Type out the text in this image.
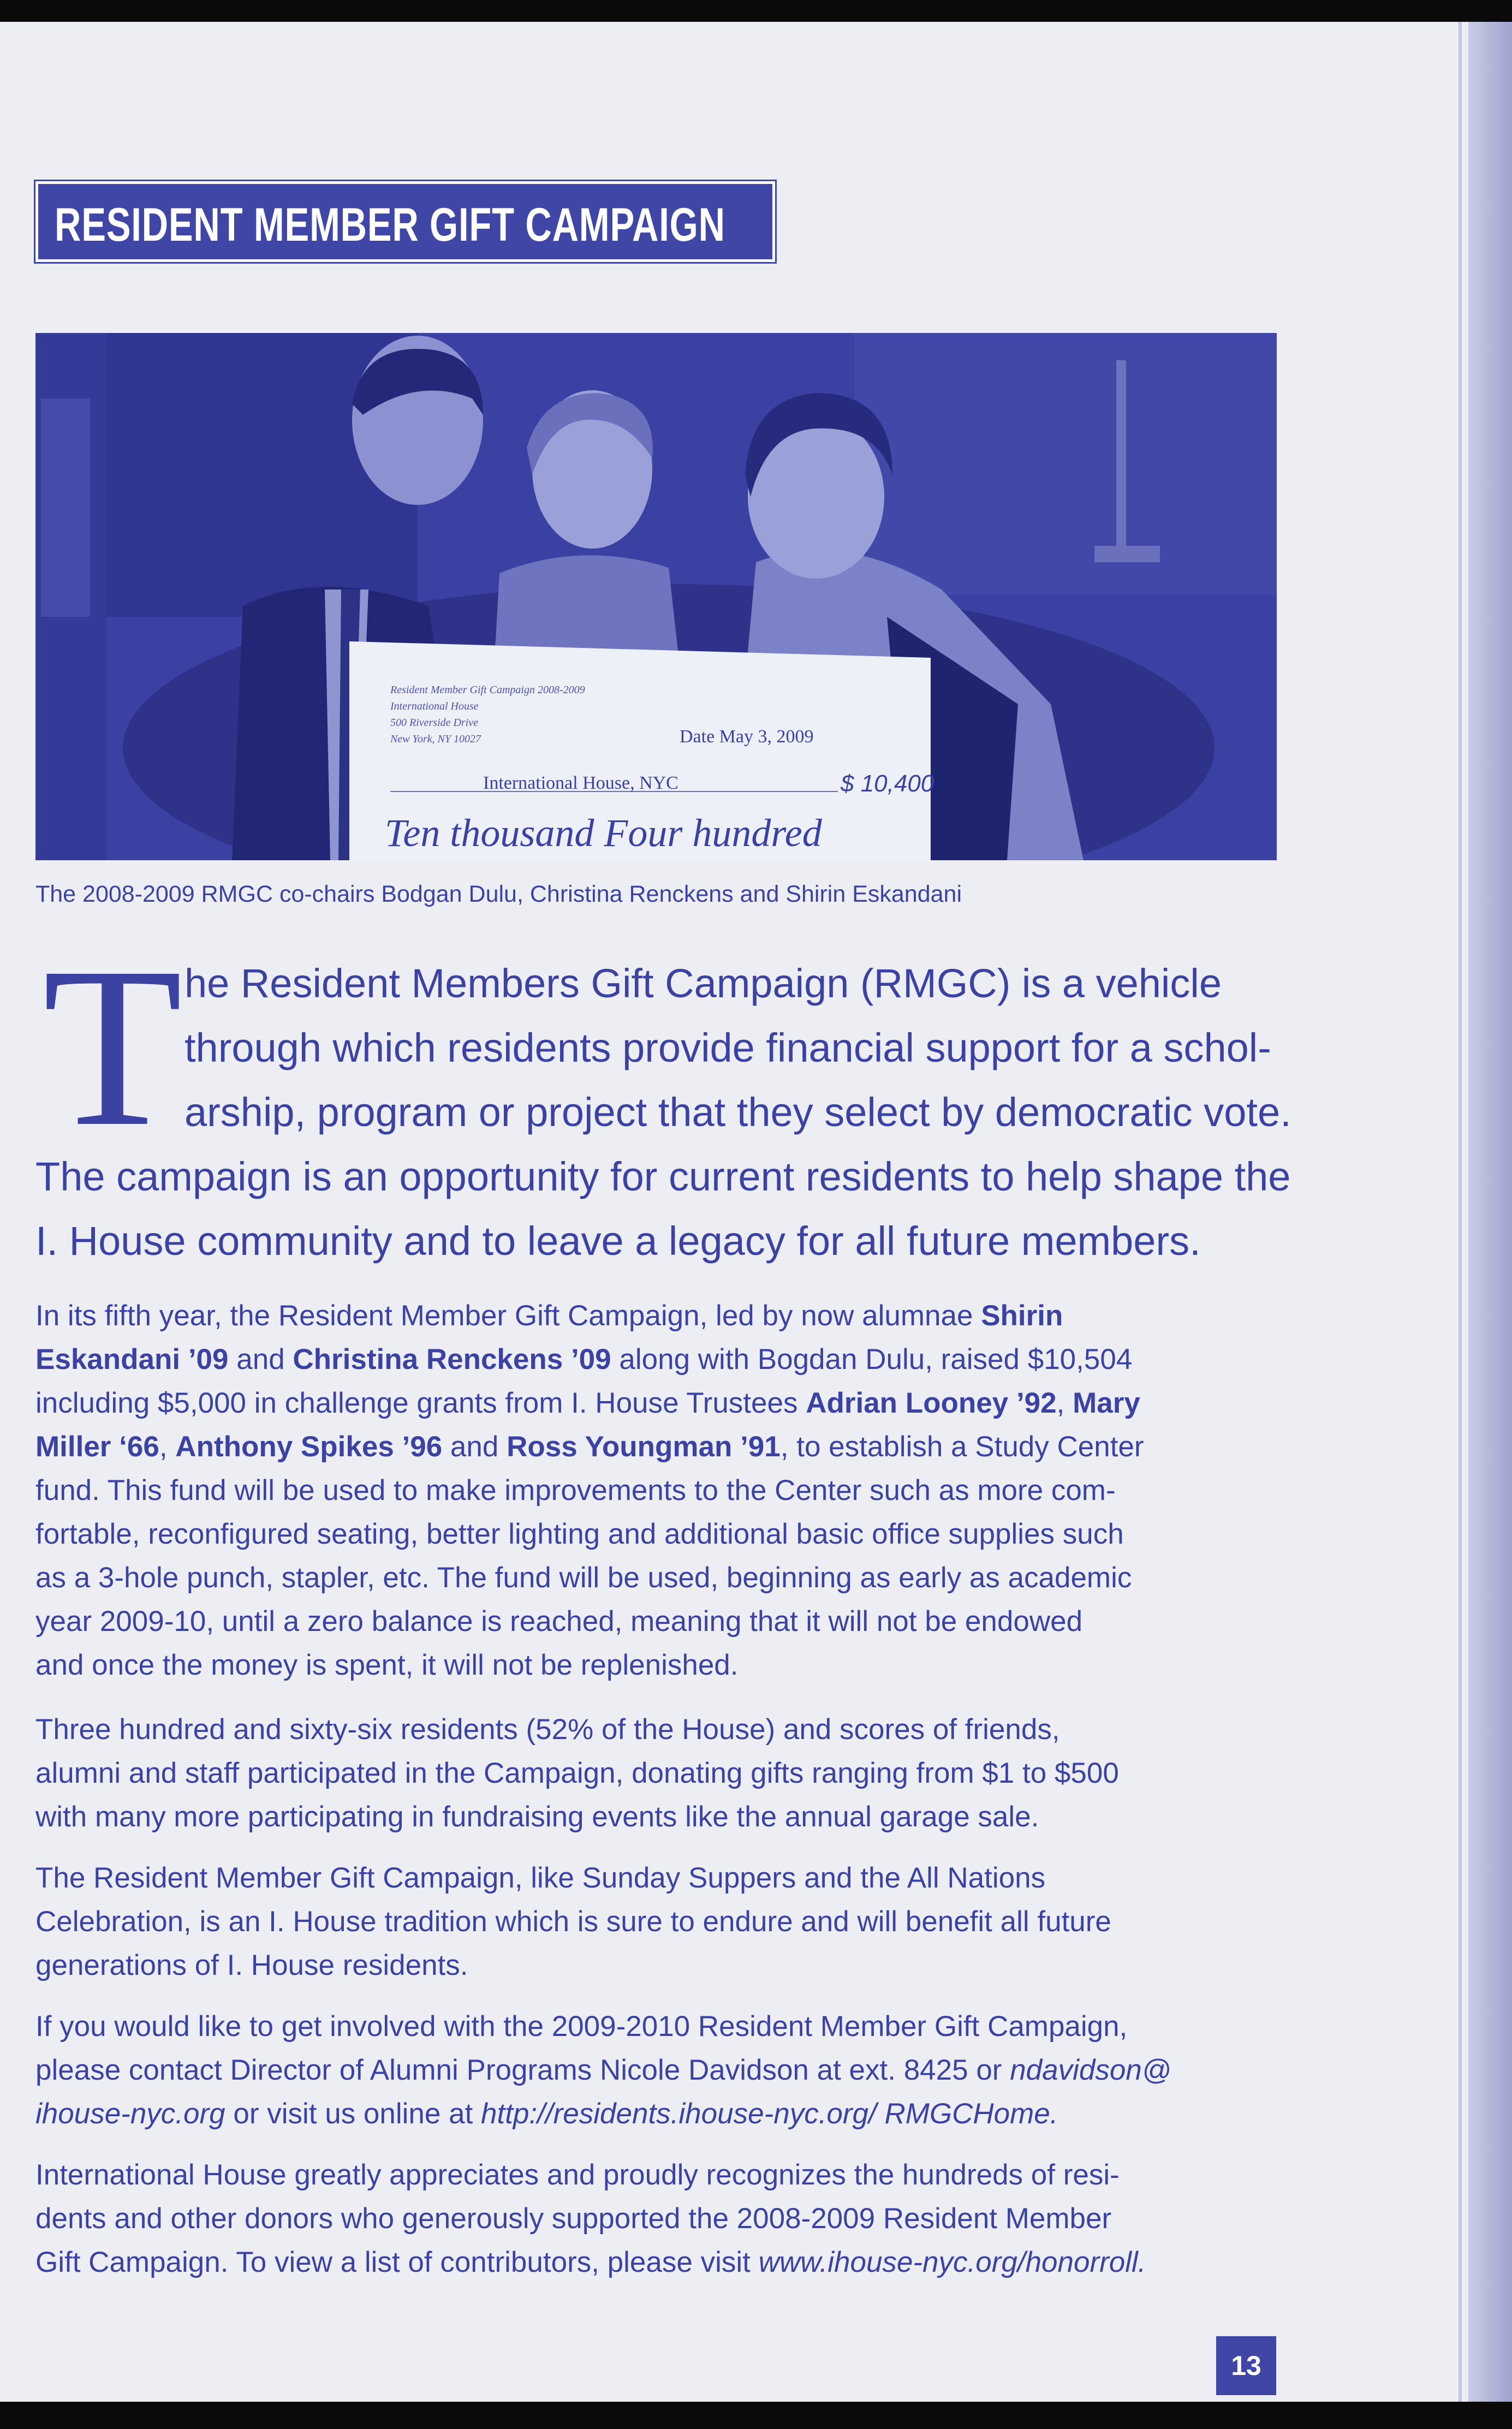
RESIDENT MEMBER GIFT CAMPAIGN
Resident Member Gift Campaign 2008-2009
International House
500 Riverside Drive
New York, NY 10027	Date May 3, 2009
International House, NYC	$ 10,400
Ten thousand Four hundred
The 2008-2009 RMGC co-chairs Bodgan Dulu, Christina Renckens and Shirin Eskandani
T he Resident Members Gift Campaign (RMGC) is a vehicle
through which residents provide financial support for a schol-
arship, program or project that they select by democratic vote.
The campaign is an opportunity for current residents to help shape the
I. House community and to leave a legacy for all future members.
In its fifth year, the Resident Member Gift Campaign, led by now alumnae Shirin
Eskandani ’09 and Christina Renckens ’09 along with Bogdan Dulu, raised $10,504
including $5,000 in challenge grants from I. House Trustees Adrian Looney ’92, Mary
Miller ‘66, Anthony Spikes ’96 and Ross Youngman ’91, to establish a Study Center
fund. This fund will be used to make improvements to the Center such as more com-
fortable, reconfigured seating, better lighting and additional basic office supplies such
as a 3-hole punch, stapler, etc. The fund will be used, beginning as early as academic
year 2009-10, until a zero balance is reached, meaning that it will not be endowed
and once the money is spent, it will not be replenished.
Three hundred and sixty-six residents (52% of the House) and scores of friends,
alumni and staff participated in the Campaign, donating gifts ranging from $1 to $500
with many more participating in fundraising events like the annual garage sale.
The Resident Member Gift Campaign, like Sunday Suppers and the All Nations
Celebration, is an I. House tradition which is sure to endure and will benefit all future
generations of I. House residents.
If you would like to get involved with the 2009-2010 Resident Member Gift Campaign,
please contact Director of Alumni Programs Nicole Davidson at ext. 8425 or ndavidson@
ihouse-nyc.org or visit us online at http://residents.ihouse-nyc.org/ RMGCHome.
International House greatly appreciates and proudly recognizes the hundreds of resi-
dents and other donors who generously supported the 2008-2009 Resident Member
Gift Campaign. To view a list of contributors, please visit www.ihouse-nyc.org/honorroll.
13
